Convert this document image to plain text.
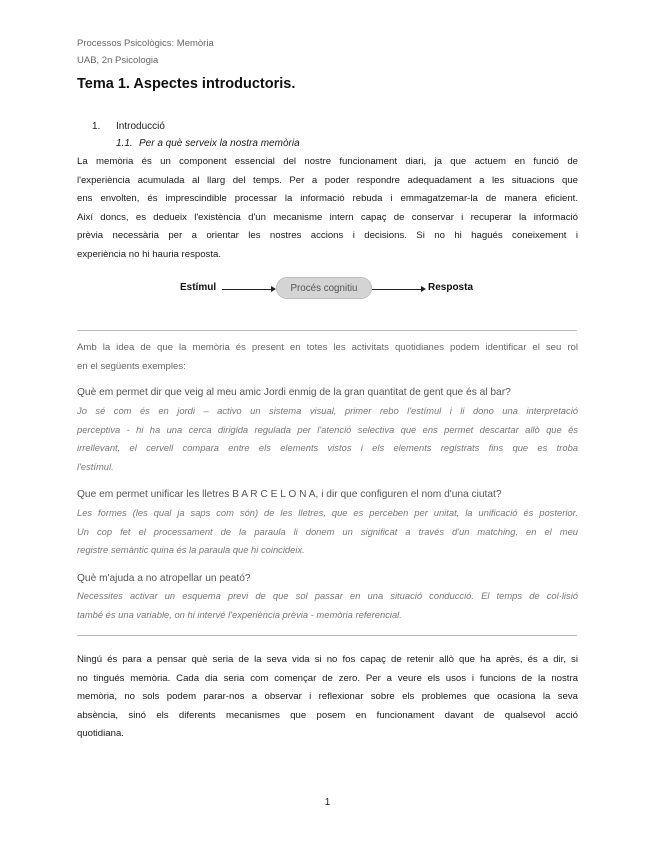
Processos Psicològics: Memòria
UAB, 2n Psicologia
Tema 1. Aspectes introductoris.
1. Introducció
1.1. Per a què serveix la nostra memòria
La memòria és un component essencial del nostre funcionament diari, ja que actuem en funció de
l'experiència acumulada al llarg del temps. Per a poder respondre adequadament a les situacions que
ens envolten, és imprescindible processar la informació rebuda i emmagatzemar-la de manera eficient.
Així doncs, es dedueix l'existència d'un mecanisme intern capaç de conservar i recuperar la informació
prèvia necessària per a orientar les nostres accions i decisions. Si no hi hagués coneixement i
experiència no hi hauria resposta.
Estímul	Procés cognitiu	Resposta
Amb la idea de que la memòria és present en totes les activitats quotidianes podem identificar el seu rol
en el següents exemples:
Què em permet dir que veig al meu amic Jordi enmig de la gran quantitat de gent que és al bar?
Jo sé com és en jordi – activo un sistema visual, primer rebo l'estímul i li dono una interpretació
perceptiva - hi ha una cerca dirigida regulada per l'atenció selectiva que ens permet descartar allò que és
irrellevant, el cervell compara entre els elements vistos i els elements registrats fins que es troba
l'estímul.
Que em permet unificar les lletres B A R C E L O N A, i dir que configuren el nom d'una ciutat?
Les formes (les qual ja saps com són) de les lletres, que es perceben per unitat, la unificació és posterior.
Un cop fet el processament de la paraula li donem un significat a través d'un matching, en el meu
registre semàntic quina és la paraula que hi coincideix.
Què m'ajuda a no atropellar un peató?
Necessites activar un esquema previ de que sol passar en una situació conducció. El temps de col·lisió
també és una variable, on hi intervé l'experiència prèvia - memòria referencial.
Ningú és para a pensar què seria de la seva vida si no fos capaç de retenir allò que ha après, és a dir, si
no tingués memòria. Cada dia seria com començar de zero. Per a veure els usos i funcions de la nostra
memòria, no sols podem parar-nos a observar i reflexionar sobre els problemes que ocasiona la seva
absència, sinó els diferents mecanismes que posem en funcionament davant de qualsevol acció
quotidiana.
1
